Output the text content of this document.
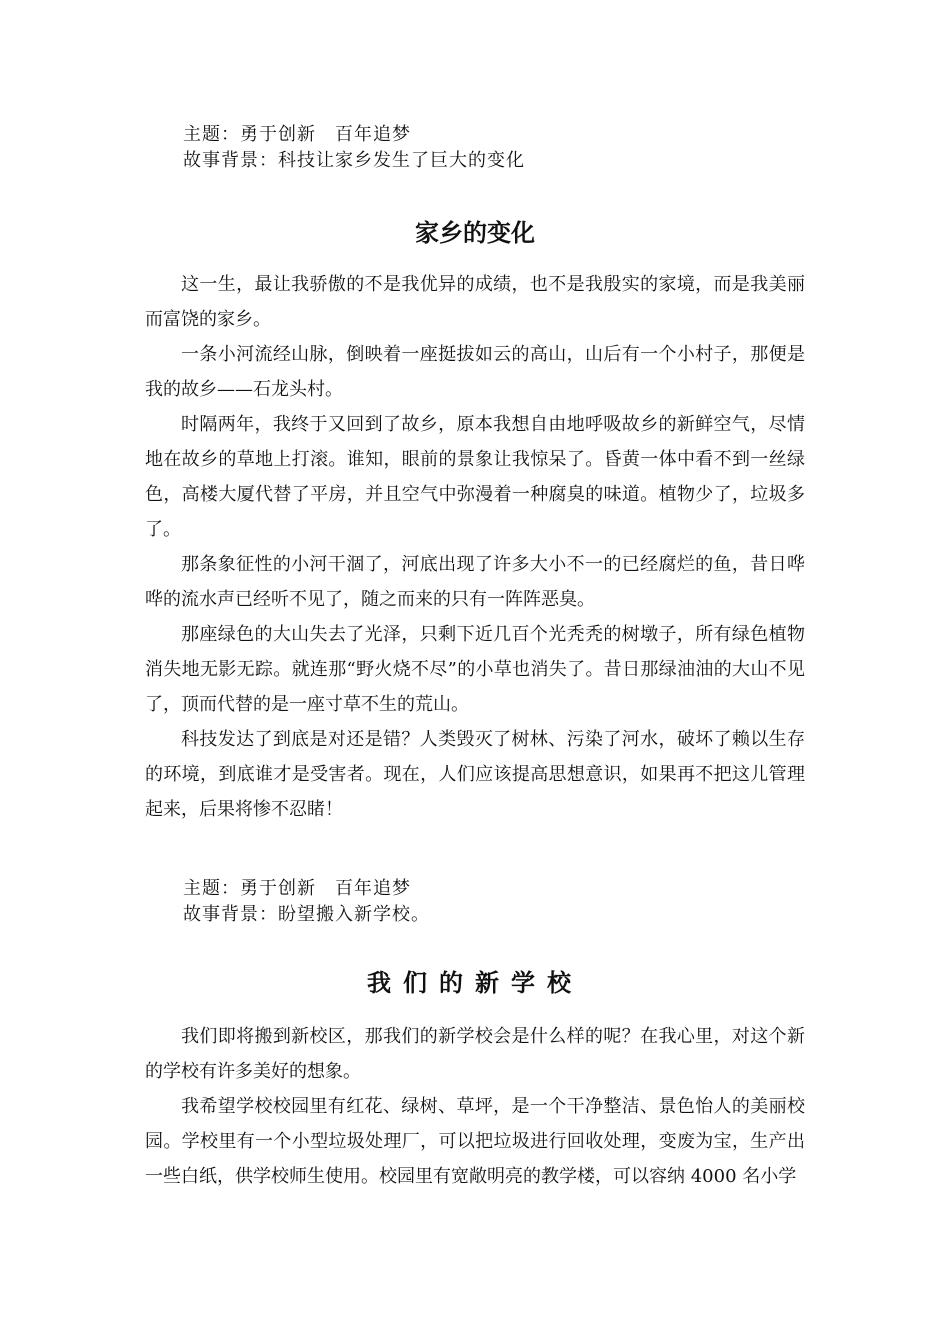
主题：勇于创新　百年追梦
故事背景：科技让家乡发生了巨大的变化
家乡的变化

这一生，最让我骄傲的不是我优异的成绩，也不是我殷实的家境，而是我美丽而富饶的家乡。

一条小河流经山脉，倒映着一座挺拔如云的高山，山后有一个小村子，那便是我的故乡——石龙头村。

时隔两年，我终于又回到了故乡，原本我想自由地呼吸故乡的新鲜空气，尽情地在故乡的草地上打滚。谁知，眼前的景象让我惊呆了。昏黄一体中看不到一丝绿色，高楼大厦代替了平房，并且空气中弥漫着一种腐臭的味道。植物少了，垃圾多了。

那条象征性的小河干涸了，河底出现了许多大小不一的已经腐烂的鱼，昔日哗哗的流水声已经听不见了，随之而来的只有一阵阵恶臭。

那座绿色的大山失去了光泽，只剩下近几百个光秃秃的树墩子，所有绿色植物消失地无影无踪。就连那“野火烧不尽”的小草也消失了。昔日那绿油油的大山不见了，顶而代替的是一座寸草不生的荒山。

科技发达了到底是对还是错？人类毁灭了树林、污染了河水，破坏了赖以生存的环境，到底谁才是受害者。现在，人们应该提高思想意识，如果再不把这儿管理起来，后果将惨不忍睹！

主题：勇于创新　百年追梦
故事背景：盼望搬入新学校。
我们的新学校

我们即将搬到新校区，那我们的新学校会是什么样的呢？在我心里，对这个新的学校有许多美好的想象。

我希望学校校园里有红花、绿树、草坪，是一个干净整洁、景色怡人的美丽校园。学校里有一个小型垃圾处理厂，可以把垃圾进行回收处理，变废为宝，生产出一些白纸，供学校师生使用。校园里有宽敞明亮的教学楼，可以容纳 4000 名小学
